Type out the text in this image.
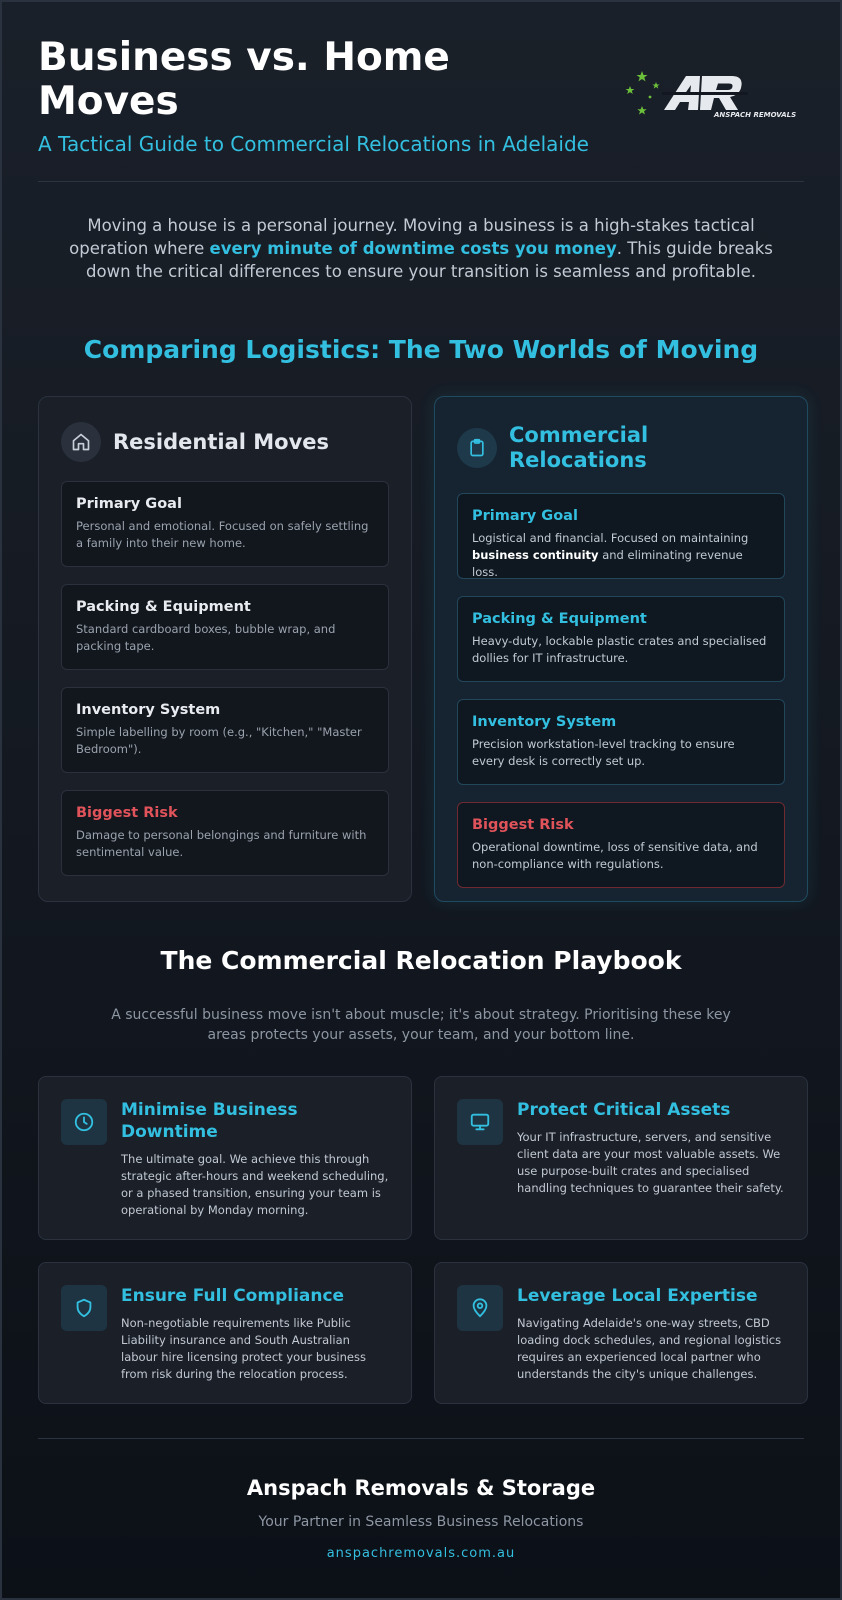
Business vs. Home Moves
A Tactical Guide to Commercial Relocations in Adelaide
ANSPACH REMOVALS

Moving a house is a personal journey. Moving a business is a high-stakes tactical operation where every minute of downtime costs you money. This guide breaks down the critical differences to ensure your transition is seamless and profitable.

Comparing Logistics: The Two Worlds of Moving
Residential Moves
Primary Goal
Personal and emotional. Focused on safely settling a family into their new home.
Packing & Equipment
Standard cardboard boxes, bubble wrap, and packing tape.
Inventory System
Simple labelling by room (e.g., "Kitchen," "Master Bedroom").
Biggest Risk
Damage to personal belongings and furniture with sentimental value.
Commercial Relocations
Primary Goal
Logistical and financial. Focused on maintaining business continuity and eliminating revenue loss.
Packing & Equipment
Heavy-duty, lockable plastic crates and specialised dollies for IT infrastructure.
Inventory System
Precision workstation-level tracking to ensure every desk is correctly set up.
Biggest Risk
Operational downtime, loss of sensitive data, and non-compliance with regulations.
The Commercial Relocation Playbook

A successful business move isn't about muscle; it's about strategy. Prioritising these key areas protects your assets, your team, and your bottom line.

Minimise Business Downtime
The ultimate goal. We achieve this through strategic after-hours and weekend scheduling, or a phased transition, ensuring your team is operational by Monday morning.
Protect Critical Assets
Your IT infrastructure, servers, and sensitive client data are your most valuable assets. We use purpose-built crates and specialised handling techniques to guarantee their safety.
Ensure Full Compliance
Non-negotiable requirements like Public Liability insurance and South Australian labour hire licensing protect your business from risk during the relocation process.
Leverage Local Expertise
Navigating Adelaide's one-way streets, CBD loading dock schedules, and regional logistics requires an experienced local partner who understands the city's unique challenges.
Anspach Removals & Storage
Your Partner in Seamless Business Relocations
anspachremovals.com.au
